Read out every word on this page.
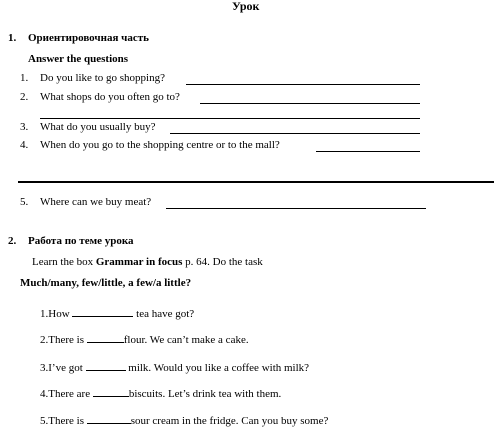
Урок
1. Ориентировочная часть
Answer the questions
1. Do you like to go shopping?
2. What shops do you often go to?
3. What do you usually buy?
4. When do you go to the shopping centre or to the mall?
5. Where can we buy meat?
2. Работа по теме урока
Learn the box Grammar in focus p. 64. Do the task
Much/many, few/little, a few/a little?
1.How	tea have got?
2.There is	flour. We can’t make a cake.
3.I’ve got	milk. Would you like a coffee with milk?
4.There are	biscuits. Let’s drink tea with them.
5.There is	sour cream in the fridge. Can you buy some?
